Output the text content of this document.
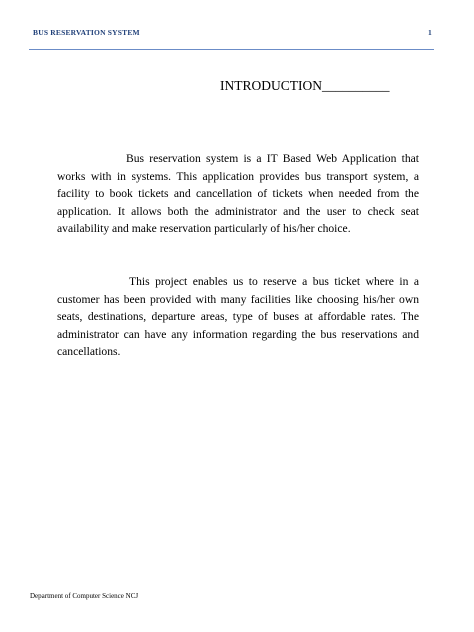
BUS RESERVATION SYSTEM	1
INTRODUCTION__________

Bus reservation system is a IT Based Web Application that works with in systems. This application provides bus transport system, a facility to book tickets and cancellation of tickets when needed from the application. It allows both the administrator and the user to check seat availability and make reservation particularly of his/her choice.

This project enables us to reserve a bus ticket where in a customer has been provided with many facilities like choosing his/her own seats, destinations, departure areas, type of buses at affordable rates. The administrator can have any information regarding the bus reservations and cancellations.

Department of Computer Science NCJ
